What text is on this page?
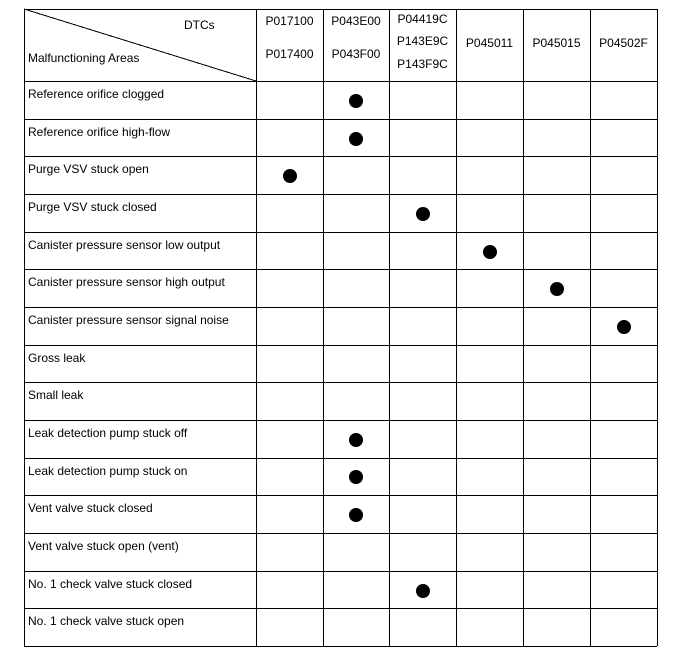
DTCs
Malfunctioning Areas
P017100
P017400
P043E00
P043F00
P04419C
P143E9C
P143F9C
P045011	P045015	P04502F
Reference orifice clogged
Reference orifice high-flow
Purge VSV stuck open
Purge VSV stuck closed
Canister pressure sensor low output
Canister pressure sensor high output
Canister pressure sensor signal noise
Gross leak
Small leak
Leak detection pump stuck off
Leak detection pump stuck on
Vent valve stuck closed
Vent valve stuck open (vent)
No. 1 check valve stuck closed
No. 1 check valve stuck open
